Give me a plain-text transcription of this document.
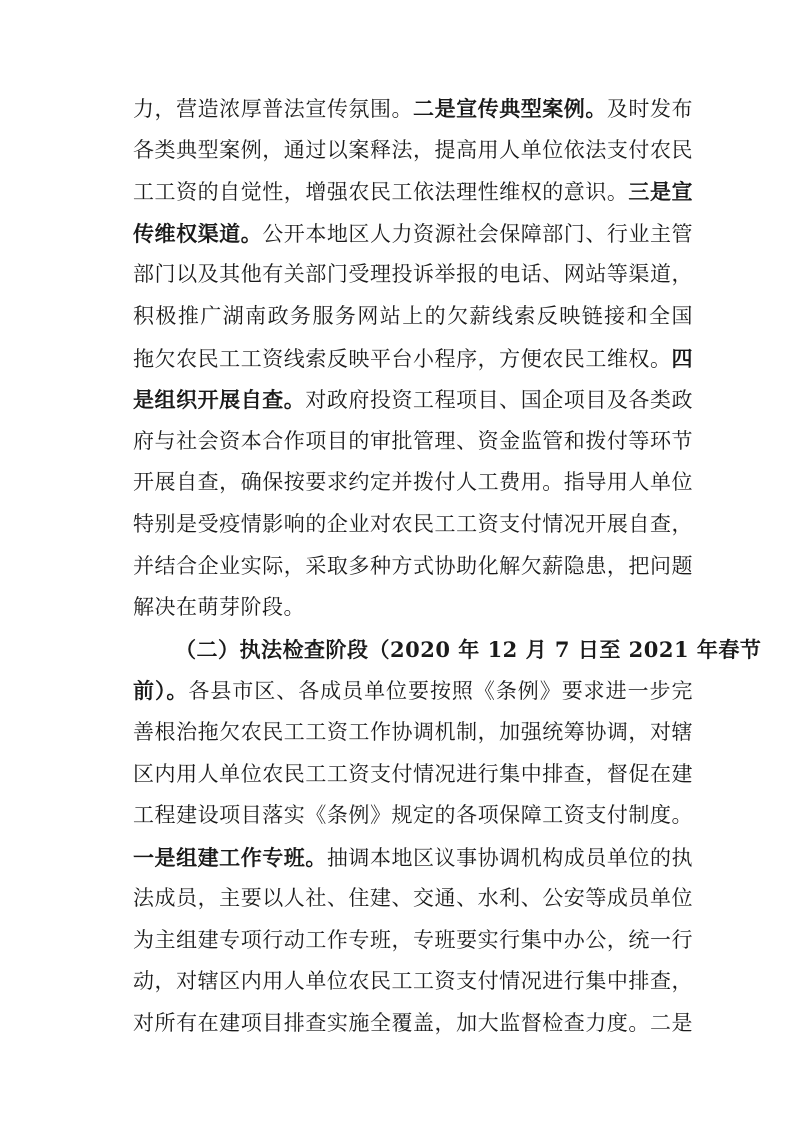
力，营造浓厚普法宣传氛围。二是宣传典型案例。及时发布
各类典型案例，通过以案释法，提高用人单位依法支付农民
工工资的自觉性，增强农民工依法理性维权的意识。三是宣
传维权渠道。公开本地区人力资源社会保障部门、行业主管
部门以及其他有关部门受理投诉举报的电话、网站等渠道，
积极推广湖南政务服务网站上的欠薪线索反映链接和全国
拖欠农民工工资线索反映平台小程序，方便农民工维权。四
是组织开展自查。对政府投资工程项目、国企项目及各类政
府与社会资本合作项目的审批管理、资金监管和拨付等环节
开展自查，确保按要求约定并拨付人工费用。指导用人单位
特别是受疫情影响的企业对农民工工资支付情况开展自查，
并结合企业实际，采取多种方式协助化解欠薪隐患，把问题
解决在萌芽阶段。
（二）执法检查阶段（2020 年 12 月 7 日至 2021 年春节
前）。各县市区、各成员单位要按照《条例》要求进一步完
善根治拖欠农民工工资工作协调机制，加强统筹协调，对辖
区内用人单位农民工工资支付情况进行集中排查，督促在建
工程建设项目落实《条例》规定的各项保障工资支付制度。
一是组建工作专班。抽调本地区议事协调机构成员单位的执
法成员，主要以人社、住建、交通、水利、公安等成员单位
为主组建专项行动工作专班，专班要实行集中办公，统一行
动，对辖区内用人单位农民工工资支付情况进行集中排查，
对所有在建项目排查实施全覆盖，加大监督检查力度。二是
